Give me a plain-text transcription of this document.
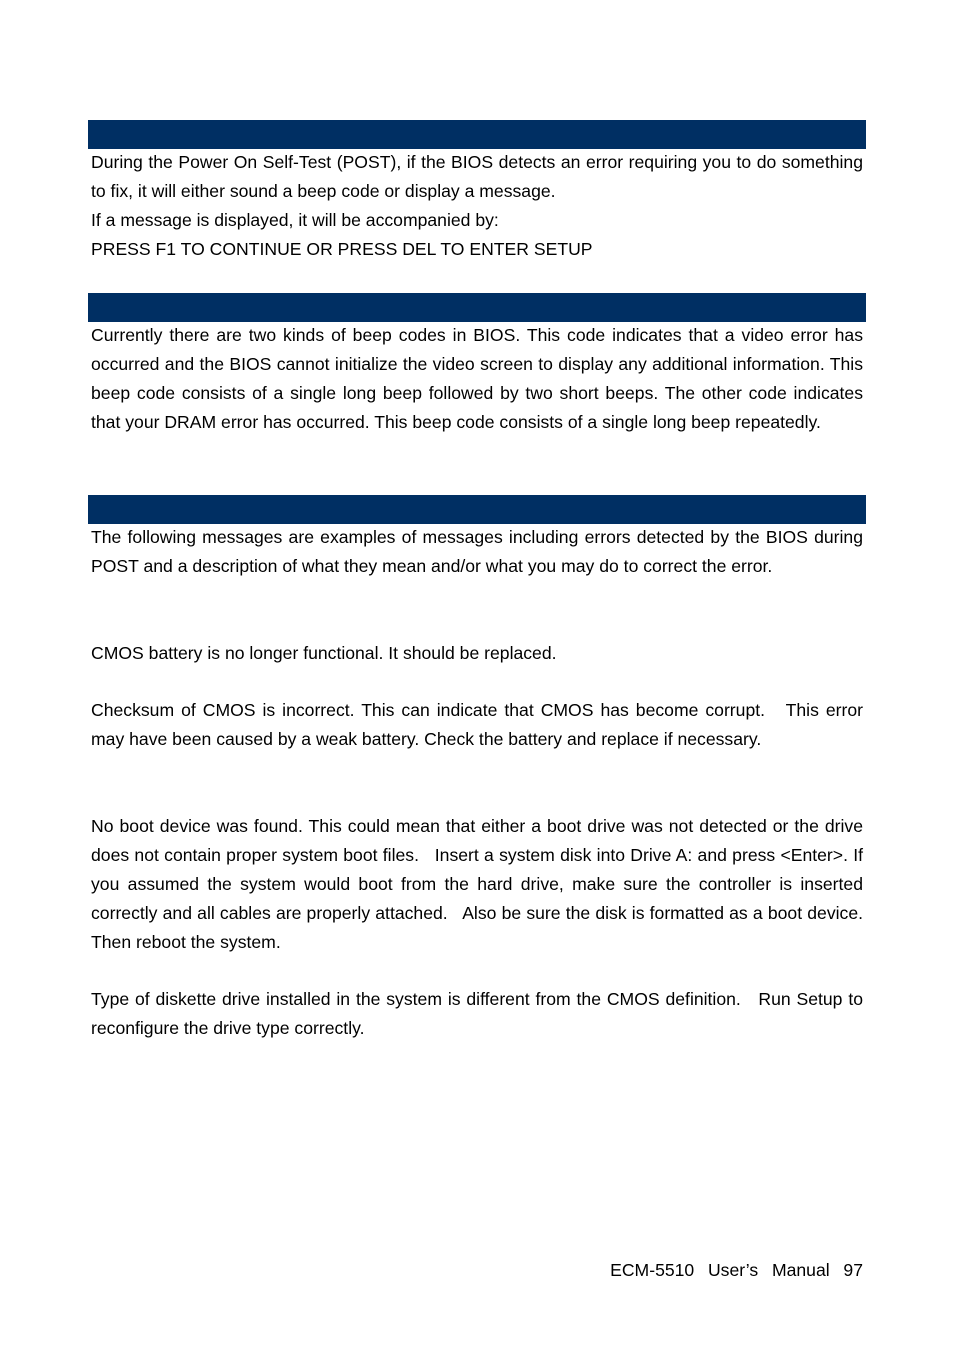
During the Power On Self-Test (POST), if the BIOS detects an error requiring you to do something to fix, it will either sound a beep code or display a message.
If a message is displayed, it will be accompanied by:
PRESS F1 TO CONTINUE OR PRESS DEL TO ENTER SETUP
Currently there are two kinds of beep codes in BIOS. This code indicates that a video error has occurred and the BIOS cannot initialize the video screen to display any additional information. This beep code consists of a single long beep followed by two short beeps. The other code indicates that your DRAM error has occurred. This beep code consists of a single long beep repeatedly.
The following messages are examples of messages including errors detected by the BIOS during POST and a description of what they mean and/or what you may do to correct the error.
CMOS battery is no longer functional. It should be replaced.
Checksum of CMOS is incorrect. This can indicate that CMOS has become corrupt.   This error may have been caused by a weak battery. Check the battery and replace if necessary.
No boot device was found. This could mean that either a boot drive was not detected or the drive does not contain proper system boot files.   Insert a system disk into Drive A: and press <Enter>. If you assumed the system would boot from the hard drive, make sure the controller is inserted correctly and all cables are properly attached.   Also be sure the disk is formatted as a boot device.   Then reboot the system.
Type of diskette drive installed in the system is different from the CMOS definition.   Run Setup to reconfigure the drive type correctly.
ECM-5510  User’s  Manual  97
